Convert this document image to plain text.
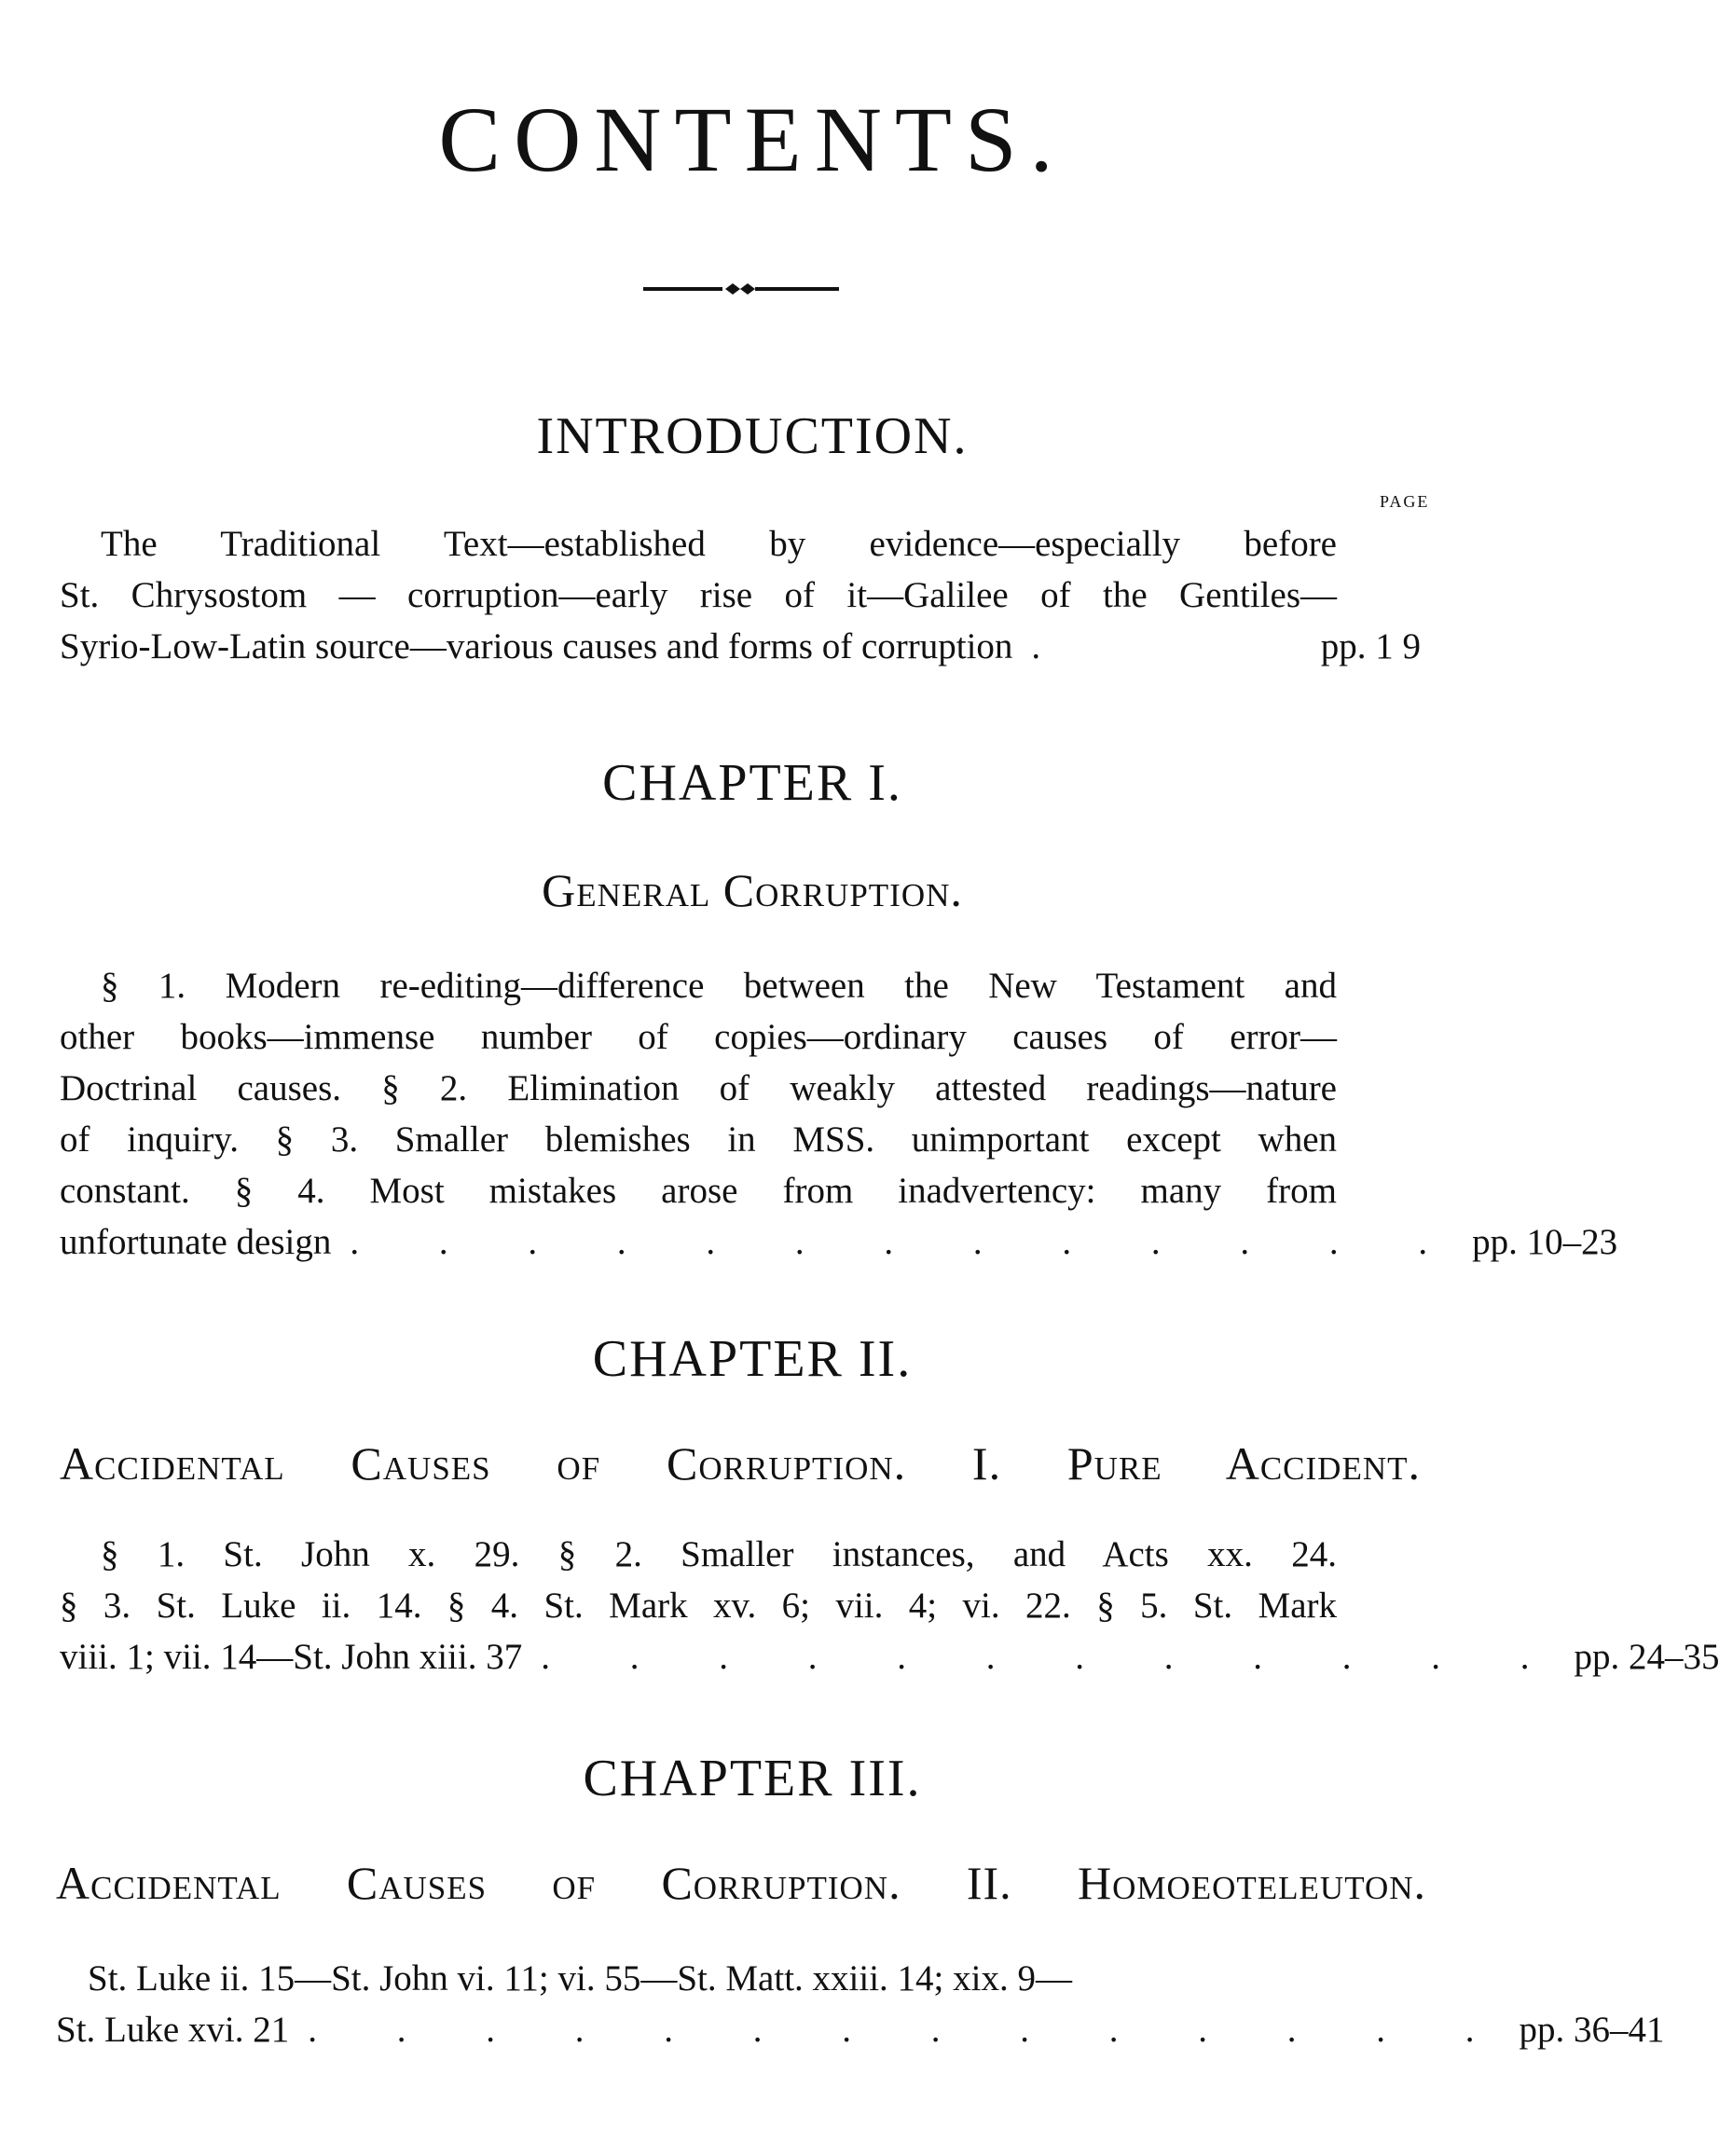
CONTENTS.
INTRODUCTION.
PAGE
The Traditional Text—established by evidence—especially before
St. Chrysostom — corruption—early rise of it—Galilee of the Gentiles—
Syrio-Low-Latin source—various causes and forms of corruption .	pp. 1 9
CHAPTER I.
General Corruption.
§ 1. Modern re-editing—difference between the New Testament and
other books—immense number of copies—ordinary causes of error—
Doctrinal causes. § 2. Elimination of weakly attested readings—nature
of inquiry. § 3. Smaller blemishes in MSS. unimportant except when
constant. § 4. Most mistakes arose from inadvertency: many from
unfortunate design . . . . . . . . . . . . . pp. 10–23
CHAPTER II.
Accidental Causes of Corruption. I. Pure Accident.
§ 1. St. John x. 29. § 2. Smaller instances, and Acts xx. 24.
§ 3. St. Luke ii. 14. § 4. St. Mark xv. 6; vii. 4; vi. 22. § 5. St. Mark
viii. 1; vii. 14—St. John xiii. 37 . . . . . . . . . . . . pp. 24–35
CHAPTER III.
Accidental Causes of Corruption. II. Homoeoteleuton.
St. Luke ii. 15—St. John vi. 11; vi. 55—St. Matt. xxiii. 14; xix. 9—
St. Luke xvi. 21 . . . . . . . . . . . . . . pp. 36–41
